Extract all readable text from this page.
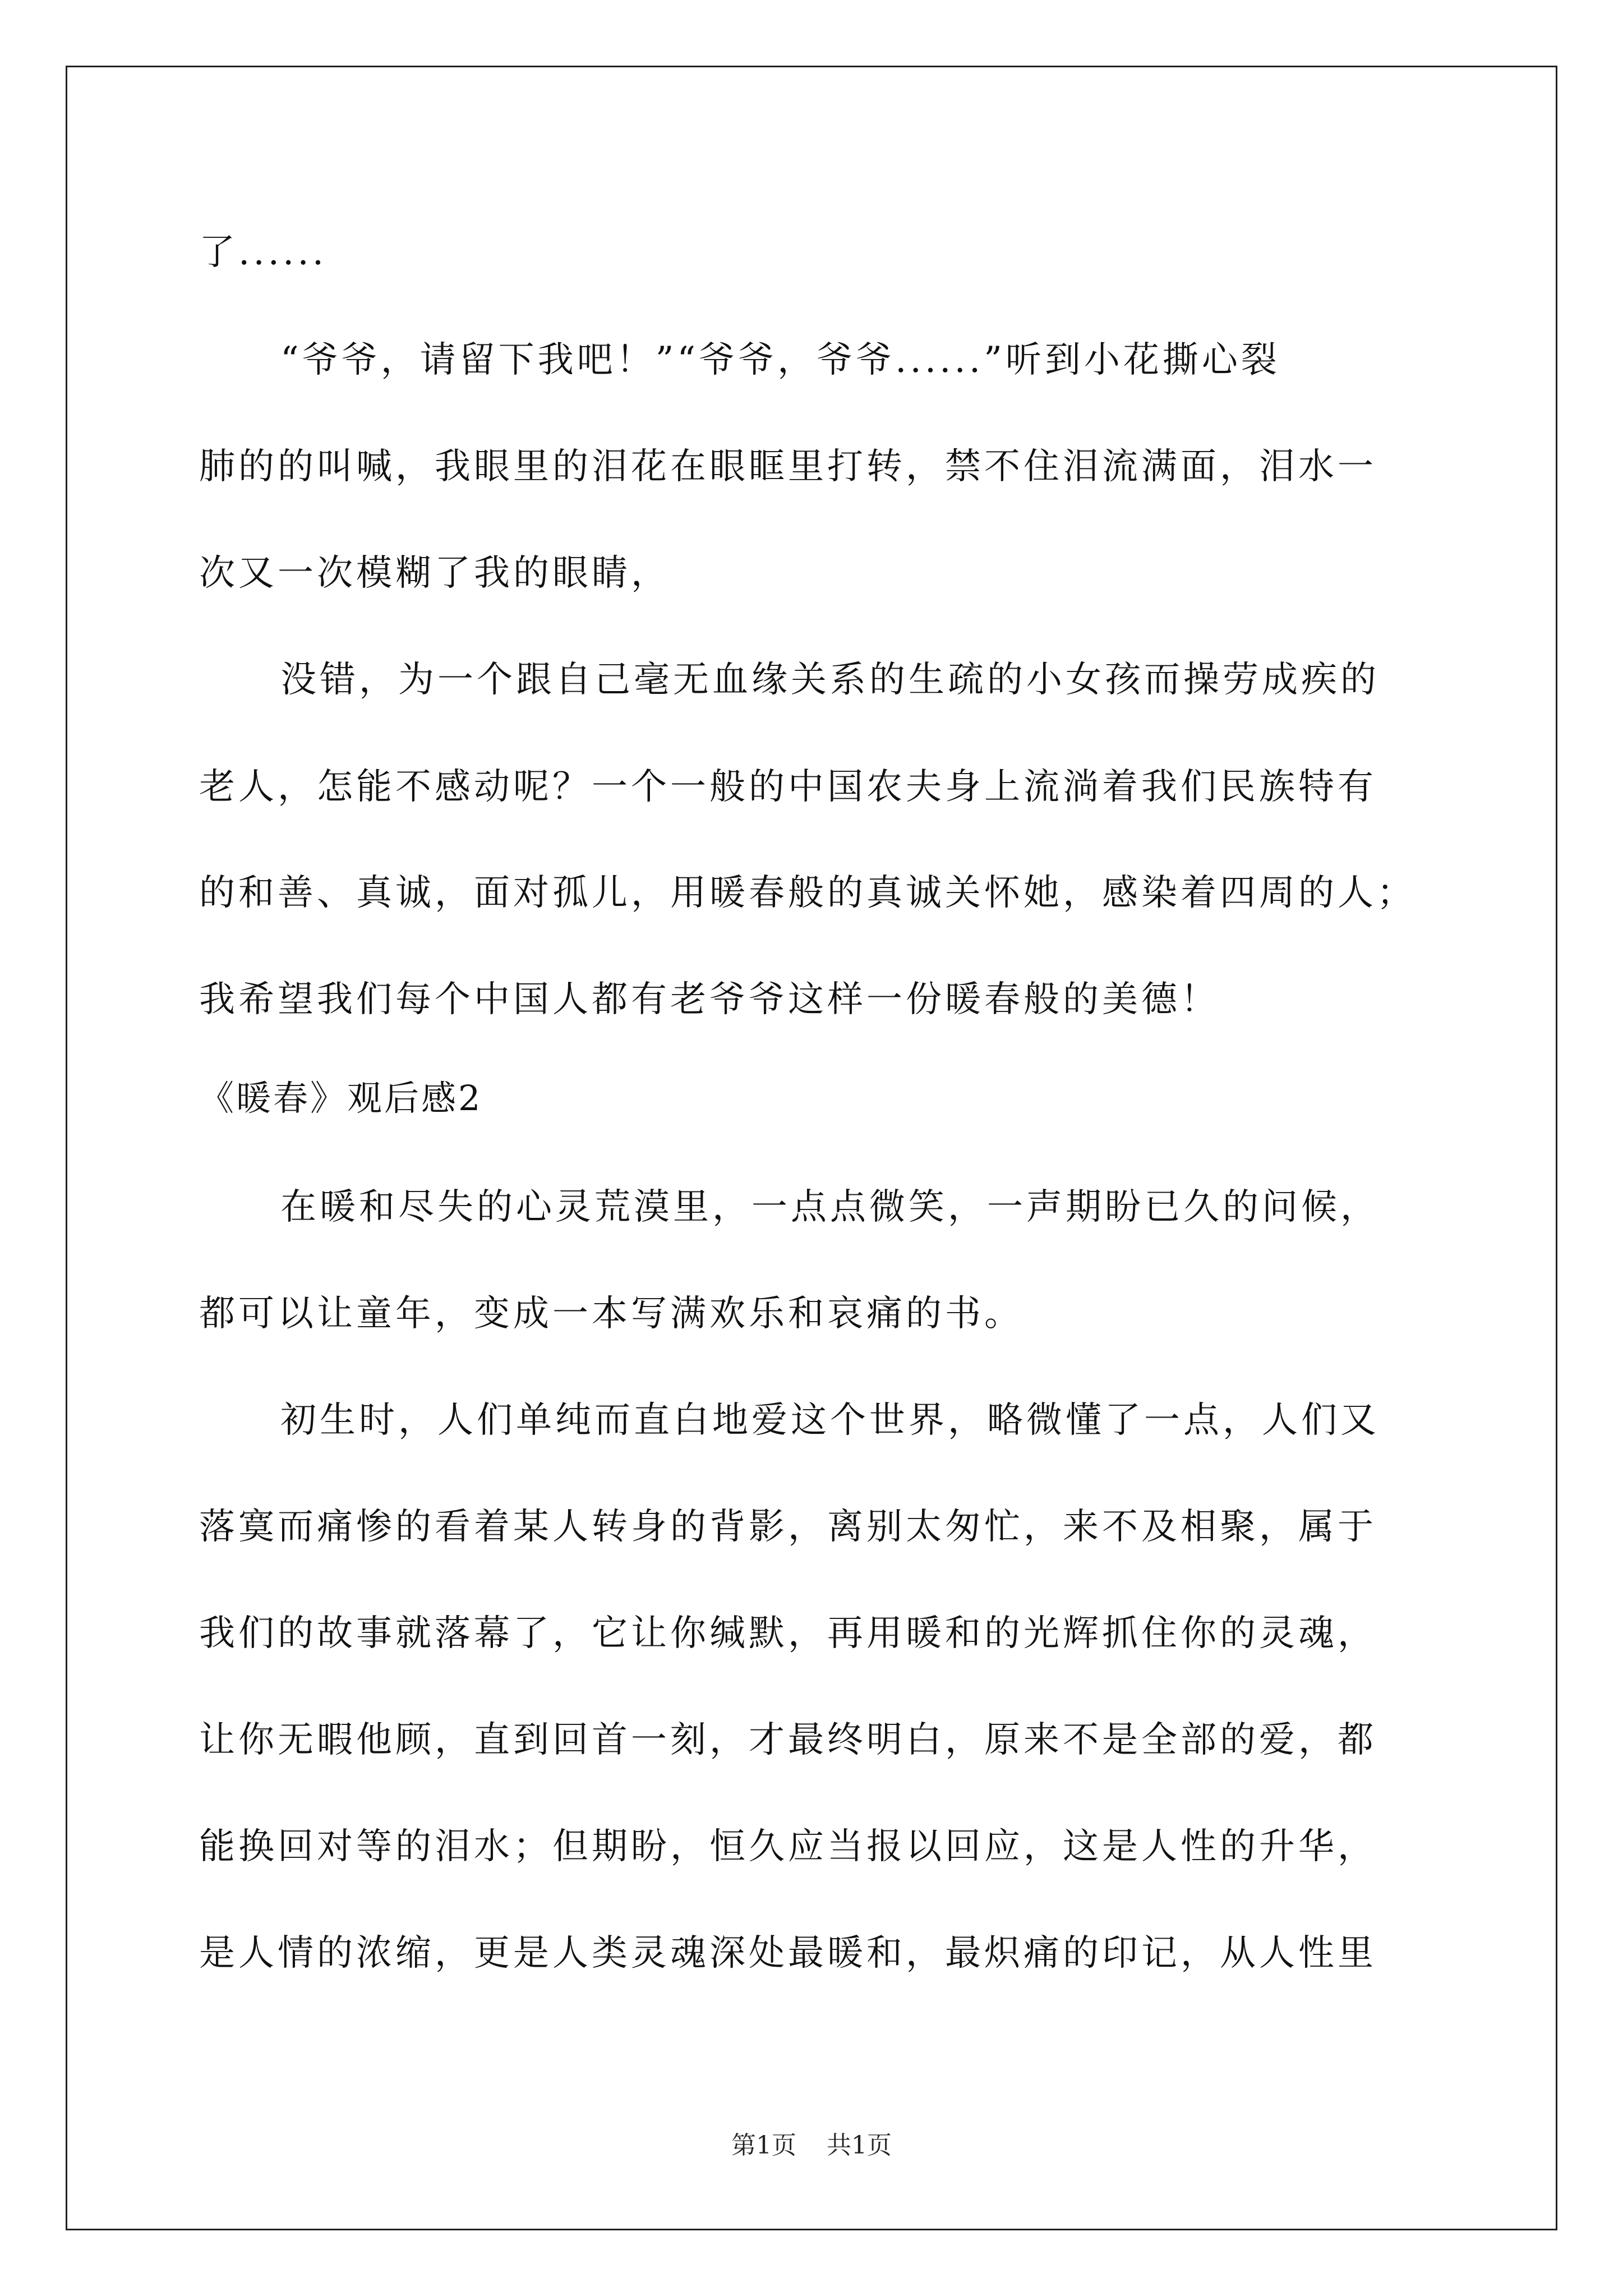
了......

“爷爷，请留下我吧！”“爷爷，爷爷......”听到小花撕心裂

肺的的叫喊，我眼里的泪花在眼眶里打转，禁不住泪流满面，泪水一

次又一次模糊了我的眼睛，

没错，为一个跟自己毫无血缘关系的生疏的小女孩而操劳成疾的

老人，怎能不感动呢？一个一般的中国农夫身上流淌着我们民族特有

的和善、真诚，面对孤儿，用暖春般的真诚关怀她，感染着四周的人；

我希望我们每个中国人都有老爷爷这样一份暖春般的美德！

《暖春》观后感2

在暖和尽失的心灵荒漠里，一点点微笑，一声期盼已久的问候，

都可以让童年，变成一本写满欢乐和哀痛的书。

初生时，人们单纯而直白地爱这个世界，略微懂了一点，人们又

落寞而痛惨的看着某人转身的背影，离别太匆忙，来不及相聚，属于

我们的故事就落幕了，它让你缄默，再用暖和的光辉抓住你的灵魂，

让你无暇他顾，直到回首一刻，才最终明白，原来不是全部的爱，都

能换回对等的泪水；但期盼，恒久应当报以回应，这是人性的升华，

是人情的浓缩，更是人类灵魂深处最暖和，最炽痛的印记，从人性里

第1页 共1页
